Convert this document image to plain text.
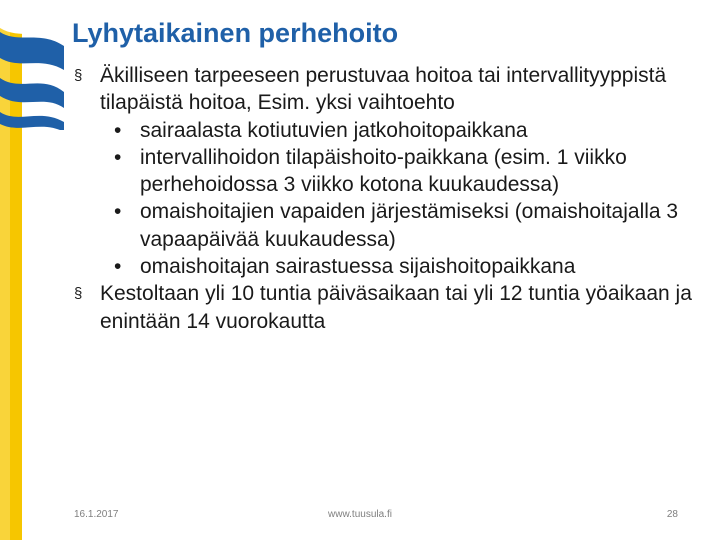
Lyhytaikainen perhehoito
§ Äkilliseen tarpeeseen perustuvaa hoitoa tai intervallityyppistä tilapäistä hoitoa, Esim. yksi vaihtoehto
• sairaalasta kotiutuvien jatkohoitopaikkana
• intervallihoidon tilapäishoito-paikkana (esim. 1 viikko perhehoidossa 3 viikko kotona kuukaudessa)
• omaishoitajien vapaiden järjestämiseksi (omaishoitajalla 3 vapaapäivää kuukaudessa)
• omaishoitajan sairastuessa sijaishoitopaikkana
§ Kestoltaan yli 10 tuntia päiväsaikaan tai yli 12 tuntia yöaikaan ja enintään 14 vuorokautta
16.1.2017	www.tuusula.fi	28
